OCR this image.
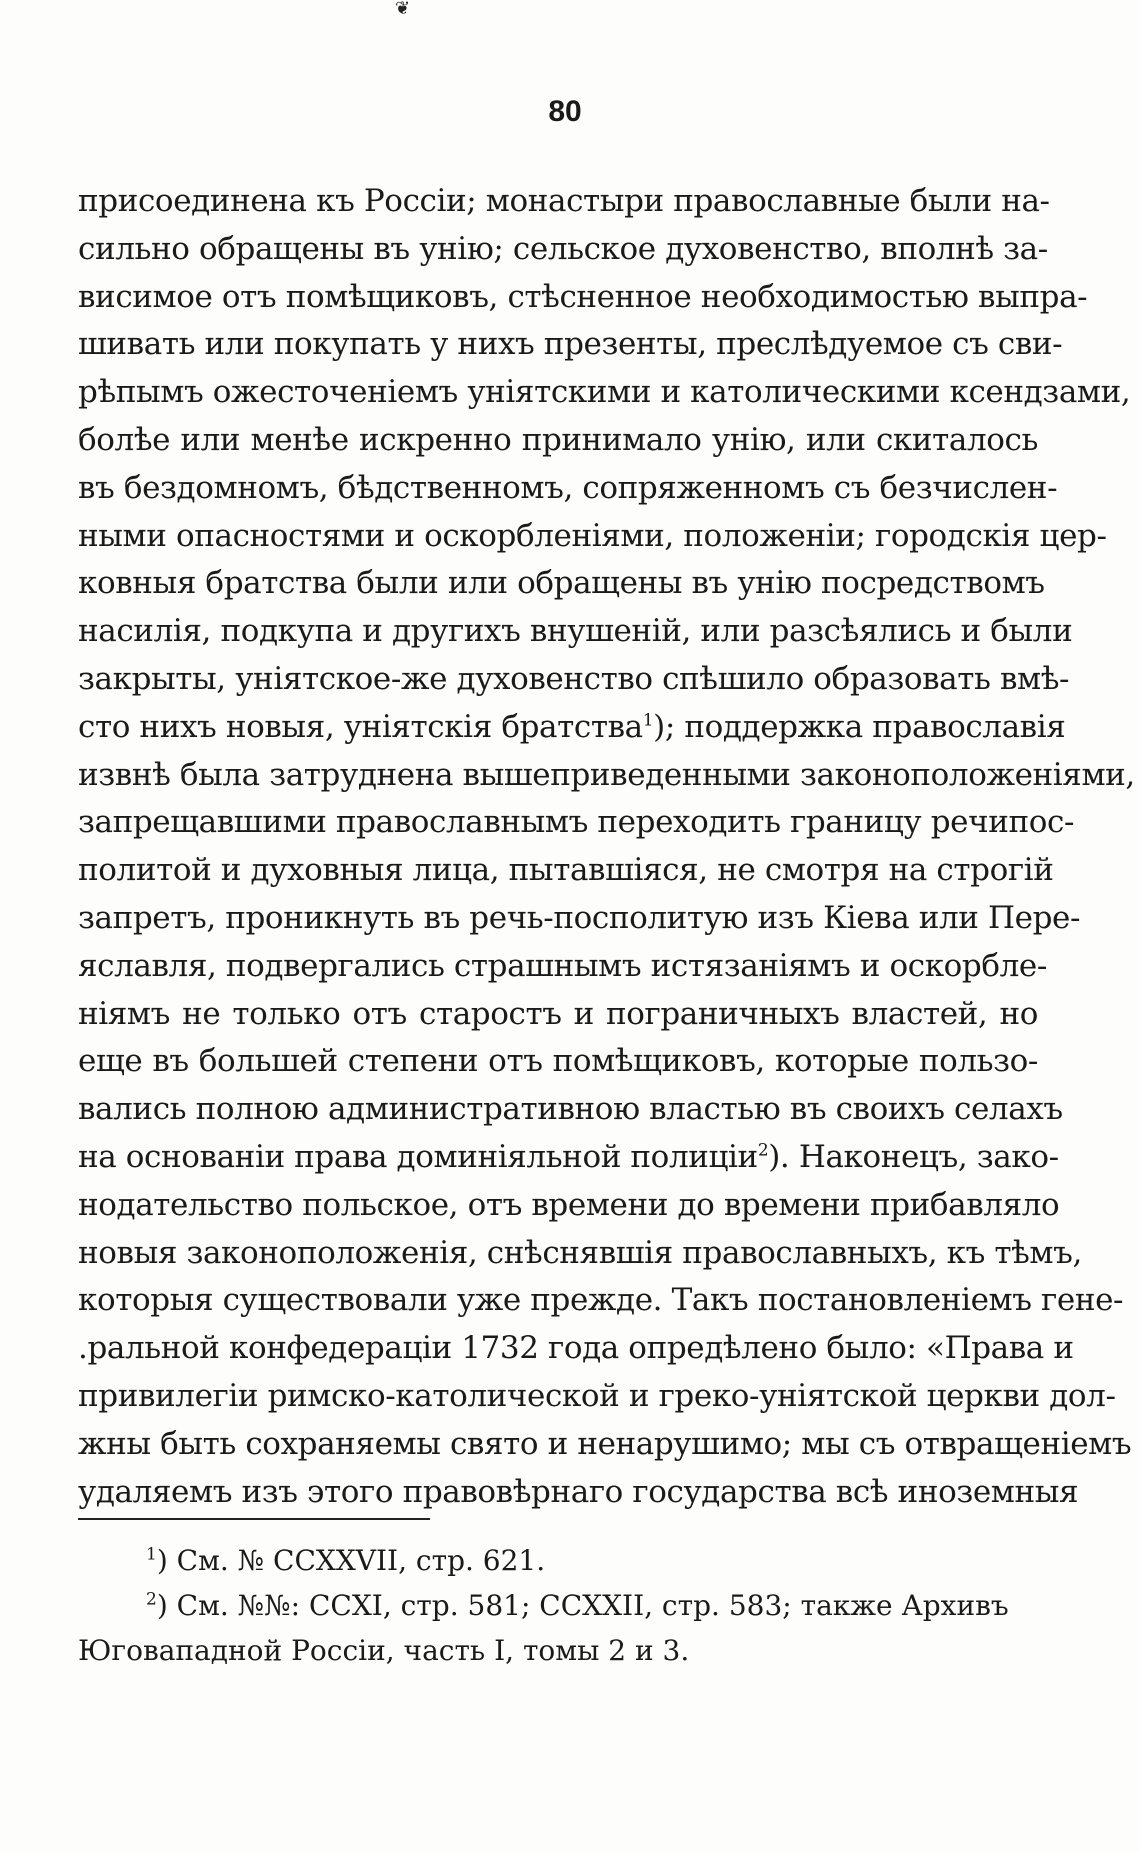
❦
80
присоединена къ Россіи; монастыри православные были на-
сильно обращены въ унію; сельское духовенство, вполнѣ за-
висимое отъ помѣщиковъ, стѣсненное необходимостью выпра-
шивать или покупать у нихъ презенты, преслѣдуемое съ сви-
рѣпымъ ожесточеніемъ уніятскими и католическими ксендзами,
болѣе или менѣе искренно принимало унію, или скиталось
въ бездомномъ, бѣдственномъ, сопряженномъ съ безчислен-
ными опасностями и оскорбленіями, положеніи; городскія цер-
ковныя братства были или обращены въ унію посредствомъ
насилія, подкупа и другихъ внушеній, или разсѣялись и были
закрыты, уніятское-же духовенство спѣшило образовать вмѣ-
сто нихъ новыя, уніятскія братства$^1$); поддержка православія
извнѣ была затруднена вышеприведенными законоположеніями,
запрещавшими православнымъ переходить границу речипос-
политой и духовныя лица, пытавшіяся, не смотря на строгій
запретъ, проникнуть въ речь-посполитую изъ Кіева или Пере-
яславля, подвергались страшнымъ истязаніямъ и оскорбле-
ніямъ не только отъ старостъ и пограничныхъ властей, но
еще въ большей степени отъ помѣщиковъ, которые пользо-
вались полною административною властью въ своихъ селахъ
на основаніи права доминіяльной полиціи$^2$). Наконецъ, зако-
нодательство польское, отъ времени до времени прибавляло
новыя законоположенія, снѣснявшія православныхъ, къ тѣмъ,
которыя существовали уже прежде. Такъ постановленіемъ гене-
.ральной конфедераціи 1732 года опредѣлено было: «Права и
привилегіи римско-католической и греко-уніятской церкви дол-
жны быть сохраняемы свято и ненарушимо; мы съ отвращеніемъ
удаляемъ изъ этого правовѣрнаго государства всѣ иноземныя
$^1$) См. № CCXXVII, стр. 621.
$^2$) См. №№: CCXI, стр. 581; CCXXII, стр. 583; также Архивъ
Юговападной Россіи, часть I, томы 2 и 3.
